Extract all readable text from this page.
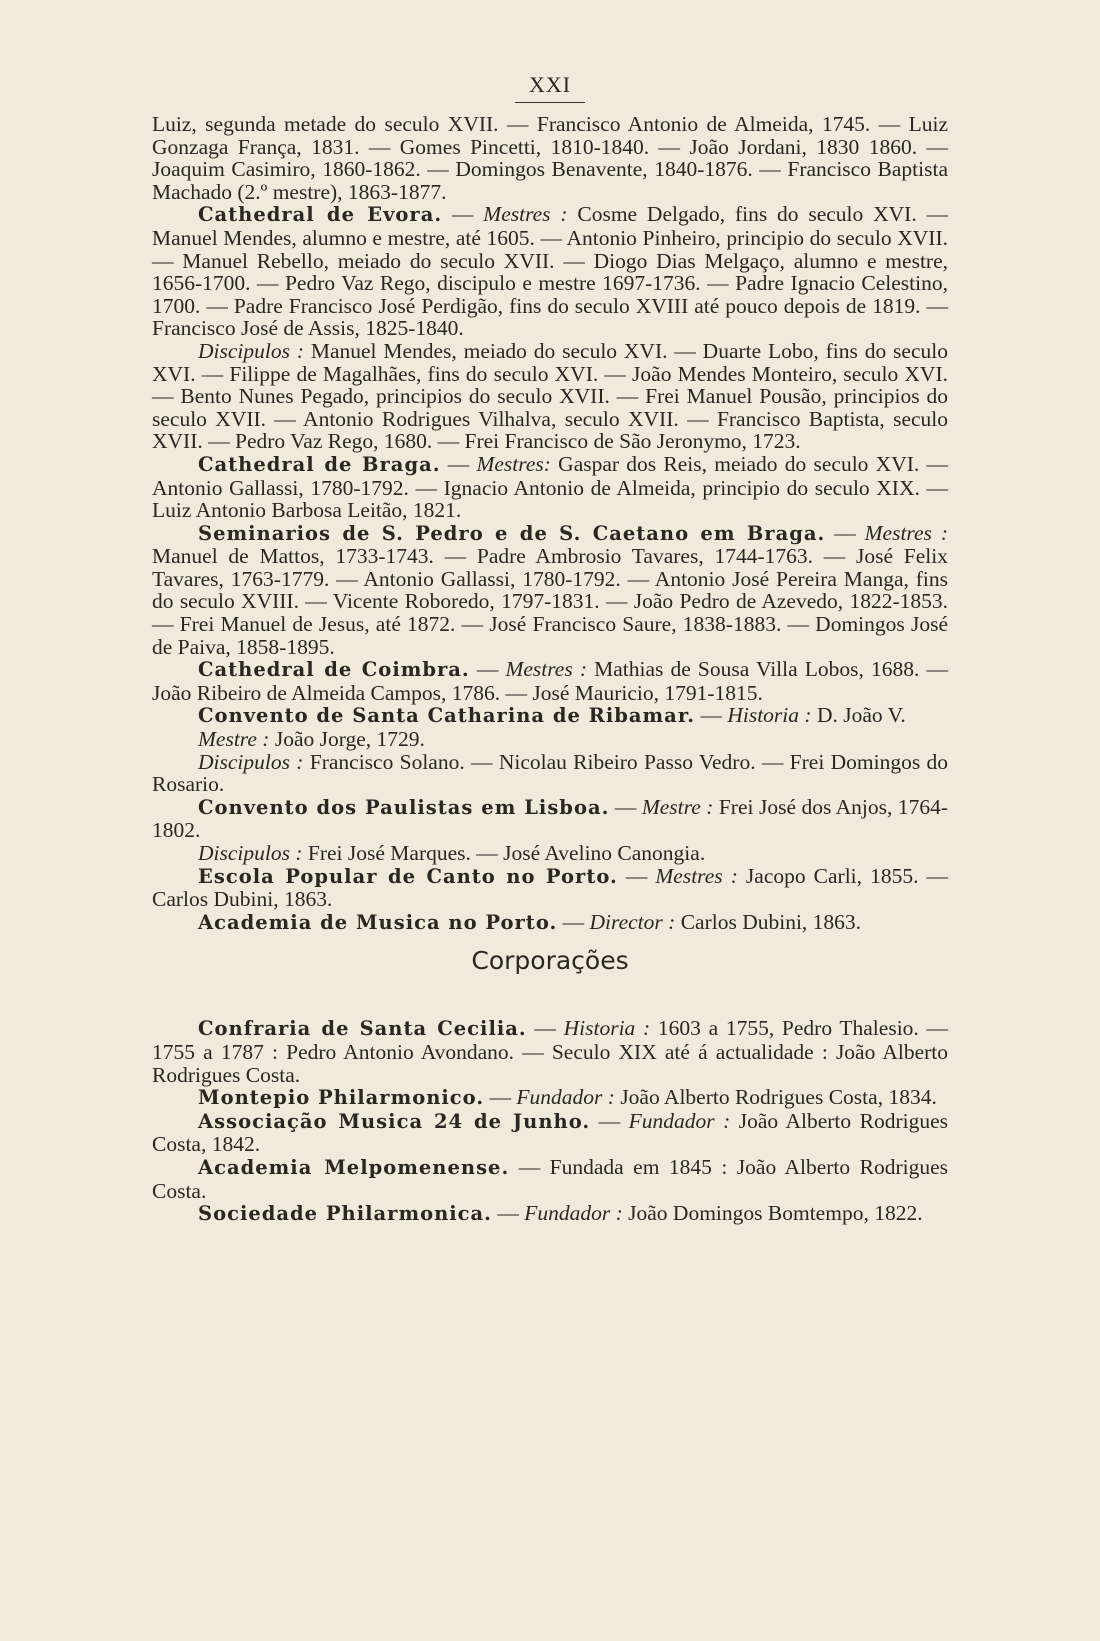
XXI

Luiz, segunda metade do seculo XVII. — Francisco Antonio de Almeida, 1745. — Luiz Gonzaga França, 1831. — Gomes Pincetti, 1810-1840. — João Jordani, 1830 1860. — Joaquim Casimiro, 1860-1862. — Domingos Benavente, 1840-1876. — Francisco Baptista Machado (2.º mestre), 1863-1877.

Cathedral de Evora. — Mestres : Cosme Delgado, fins do seculo XVI. — Manuel Mendes, alumno e mestre, até 1605. — Antonio Pinheiro, principio do seculo XVII. — Manuel Rebello, meiado do seculo XVII. — Diogo Dias Melgaço, alumno e mestre, 1656-1700. — Pedro Vaz Rego, discipulo e mestre 1697-1736. — Padre Ignacio Celestino, 1700. — Padre Francisco José Perdigão, fins do seculo XVIII até pouco depois de 1819. — Francisco José de Assis, 1825-1840.

Discipulos : Manuel Mendes, meiado do seculo XVI. — Duarte Lobo, fins do seculo XVI. — Filippe de Magalhães, fins do seculo XVI. — João Mendes Monteiro, seculo XVI. — Bento Nunes Pegado, principios do seculo XVII. — Frei Manuel Pousão, principios do seculo XVII. — Antonio Rodrigues Vilhalva, seculo XVII. — Francisco Baptista, seculo XVII. — Pedro Vaz Rego, 1680. — Frei Francisco de São Jeronymo, 1723.

Cathedral de Braga. — Mestres: Gaspar dos Reis, meiado do seculo XVI. — Antonio Gallassi, 1780-1792. — Ignacio Antonio de Almeida, principio do seculo XIX. — Luiz Antonio Barbosa Leitão, 1821.

Seminarios de S. Pedro e de S. Caetano em Braga. — Mestres : Manuel de Mattos, 1733-1743. — Padre Ambrosio Tavares, 1744-1763. — José Felix Tavares, 1763-1779. — Antonio Gallassi, 1780-1792. — Antonio José Pereira Manga, fins do seculo XVIII. — Vicente Roboredo, 1797-1831. — João Pedro de Azevedo, 1822-1853. — Frei Manuel de Jesus, até 1872. — José Francisco Saure, 1838-1883. — Domingos José de Paiva, 1858-1895.

Cathedral de Coimbra. — Mestres : Mathias de Sousa Villa Lobos, 1688. — João Ribeiro de Almeida Campos, 1786. — José Mauricio, 1791-1815.

Convento de Santa Catharina de Ribamar. — Historia : D. João V.

Mestre : João Jorge, 1729.

Discipulos : Francisco Solano. — Nicolau Ribeiro Passo Vedro. — Frei Domingos do Rosario.

Convento dos Paulistas em Lisboa. — Mestre : Frei José dos Anjos, 1764-1802.

Discipulos : Frei José Marques. — José Avelino Canongia.

Escola Popular de Canto no Porto. — Mestres : Jacopo Carli, 1855. — Carlos Dubini, 1863.

Academia de Musica no Porto. — Director : Carlos Dubini, 1863.

Corporações

Confraria de Santa Cecilia. — Historia : 1603 a 1755, Pedro Thalesio. — 1755 a 1787 : Pedro Antonio Avondano. — Seculo XIX até á actualidade : João Alberto Rodrigues Costa.

Montepio Philarmonico. — Fundador : João Alberto Rodrigues Costa, 1834.

Associação Musica 24 de Junho. — Fundador : João Alberto Rodrigues Costa, 1842.

Academia Melpomenense. — Fundada em 1845 : João Alberto Rodrigues Costa.

Sociedade Philarmonica. — Fundador : João Domingos Bomtempo, 1822.
